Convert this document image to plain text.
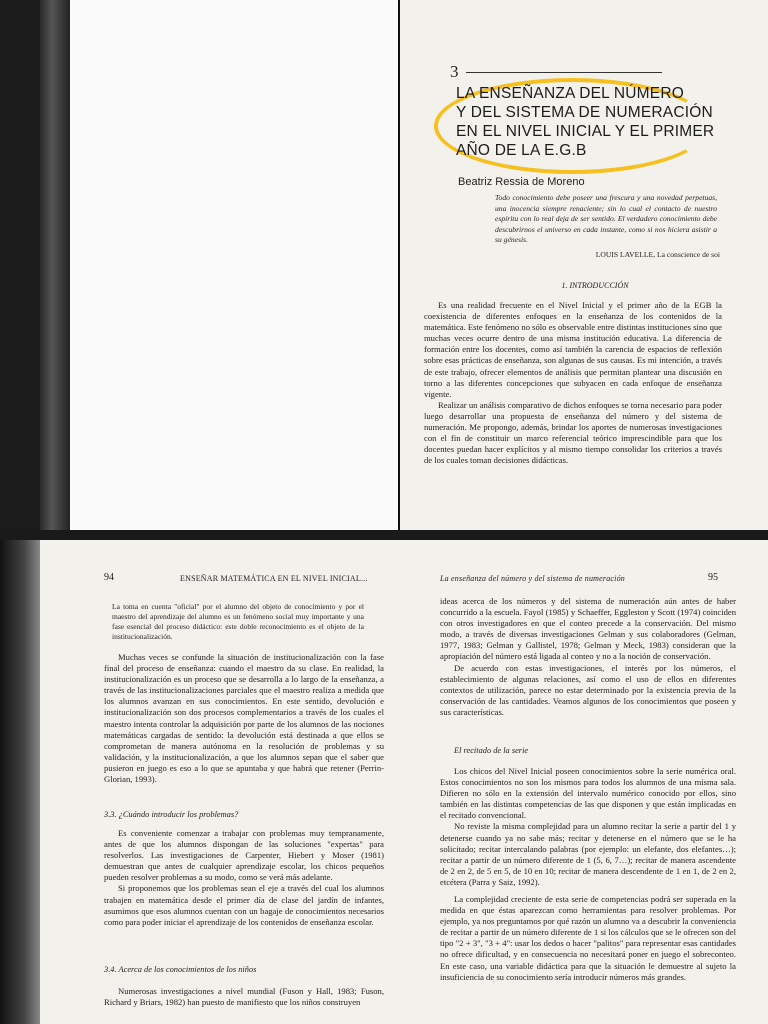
3
LA ENSEÑANZA DEL NÚMERO
Y DEL SISTEMA DE NUMERACIÓN
EN EL NIVEL INICIAL Y EL PRIMER
AÑO DE LA E.G.B
Beatriz Ressia de Moreno
Todo conocimiento debe poseer una frescura y una novedad perpetuas, una inocencia siempre renaciente; sin lo cual el contacto de nuestro espíritu con lo real deja de ser sentido. El verdadero conocimiento debe descubrirnos el universo en cada instante, como si nos hiciera asistir a su génesis.
LOUIS LAVELLE, La conscience de soi
1. INTRODUCCIÓN

Es una realidad frecuente en el Nivel Inicial y el primer año de la EGB la coexistencia de diferentes enfoques en la enseñanza de los contenidos de la matemática. Este fenómeno no sólo es observable entre distintas instituciones sino que muchas veces ocurre dentro de una misma institución educativa. La diferencia de formación entre los docentes, como así también la carencia de espacios de reflexión sobre esas prácticas de enseñanza, son algunas de sus causas. Es mi intención, a través de este trabajo, ofrecer elementos de análisis que permitan plantear una discusión en torno a las diferentes concepciones que subyacen en cada enfoque de enseñanza vigente.

Realizar un análisis comparativo de dichos enfoques se torna necesario para poder luego desarrollar una propuesta de enseñanza del número y del sistema de numeración. Me propongo, además, brindar los aportes de numerosas investigaciones con el fin de constituir un marco referencial teórico imprescindible para que los docentes puedan hacer explícitos y al mismo tiempo consolidar los criterios a través de los cuales toman decisiones didácticas.

94	ENSEÑAR MATEMÁTICA EN EL NIVEL INICIAL...
La toma en cuenta "oficial" por el alumno del objeto de conocimiento y por el maestro del aprendizaje del alumno es un fenómeno social muy importante y una fase esencial del proceso didáctico: este doble reconocimiento es el objeto de la institucionalización.

Muchas veces se confunde la situación de institucionalización con la fase final del proceso de enseñanza: cuando el maestro da su clase. En realidad, la institucionalización es un proceso que se desarrolla a lo largo de la enseñanza, a través de las institucionalizaciones parciales que el maestro realiza a medida que los alumnos avanzan en sus conocimientos. En este sentido, devolución e institucionalización son dos procesos complementarios a través de los cuales el maestro intenta controlar la adquisición por parte de los alumnos de las nociones matemáticas cargadas de sentido: la devolución está destinada a que ellos se comprometan de manera autónoma en la resolución de problemas y su validación, y la institucionalización, a que los alumnos sepan que el saber que pusieron en juego es eso a lo que se apuntaba y que habrá que retener (Perrin-Glorian, 1993).

3.3. ¿Cuándo introducir los problemas?

Es conveniente comenzar a trabajar con problemas muy tempranamente, antes de que los alumnos dispongan de las soluciones "expertas" para resolverlos. Las investigaciones de Carpenter, Hiebert y Moser (1981) demuestran que antes de cualquier aprendizaje escolar, los chicos pequeños pueden resolver problemas a su modo, como se verá más adelante.

Si proponemos que los problemas sean el eje a través del cual los alumnos trabajen en matemática desde el primer día de clase del jardín de infantes, asumimos que esos alumnos cuentan con un bagaje de conocimientos necesarios como para poder iniciar el aprendizaje de los contenidos de enseñanza escolar.

3.4. Acerca de los conocimientos de los niños

Numerosas investigaciones a nivel mundial (Fuson y Hall, 1983; Fuson, Richard y Briars, 1982) han puesto de manifiesto que los niños construyen

La enseñanza del número y del sistema de numeración	95

ideas acerca de los números y del sistema de numeración aún antes de haber concurrido a la escuela. Fayol (1985) y Schaeffer, Eggleston y Scott (1974) coinciden con otros investigadores en que el conteo precede a la conservación. Del mismo modo, a través de diversas investigaciones Gelman y sus colaboradores (Gelman, 1977, 1983; Gelman y Gallistel, 1978; Gelman y Meck, 1983) consideran que la apropiación del número está ligada al conteo y no a la noción de conservación.

De acuerdo con estas investigaciones, el interés por los números, el establecimiento de algunas relaciones, así como el uso de ellos en diferentes contextos de utilización, parece no estar determinado por la existencia previa de la conservación de las cantidades. Veamos algunos de los conocimientos que poseen y sus características.

El recitado de la serie

Los chicos del Nivel Inicial poseen conocimientos sobre la serie numérica oral. Estos conocimientos no son los mismos para todos los alumnos de una misma sala. Difieren no sólo en la extensión del intervalo numérico conocido por ellos, sino también en las distintas competencias de las que disponen y que están implicadas en el recitado convencional.

No reviste la misma complejidad para un alumno recitar la serie a partir del 1 y detenerse cuando ya no sabe más; recitar y detenerse en el número que se le ha solicitado; recitar intercalando palabras (por ejemplo: un elefante, dos elefantes…); recitar a partir de un número diferente de 1 (5, 6, 7…); recitar de manera ascendente de 2 en 2, de 5 en 5, de 10 en 10; recitar de manera descendente de 1 en 1, de 2 en 2, etcétera (Parra y Saiz, 1992).

La complejidad creciente de esta serie de competencias podrá ser superada en la medida en que éstas aparezcan como herramientas para resolver problemas. Por ejemplo, ya nos preguntamos por qué razón un alumno va a descubrir la conveniencia de recitar a partir de un número diferente de 1 si los cálculos que se le ofrecen son del tipo "2 + 3", "3 + 4": usar los dedos o hacer "palitos" para representar esas cantidades no ofrece dificultad, y en consecuencia no necesitará poner en juego el sobreconteo. En este caso, una variable didáctica para que la situación le demuestre al sujeto la insuficiencia de su conocimiento sería introducir números más grandes.
